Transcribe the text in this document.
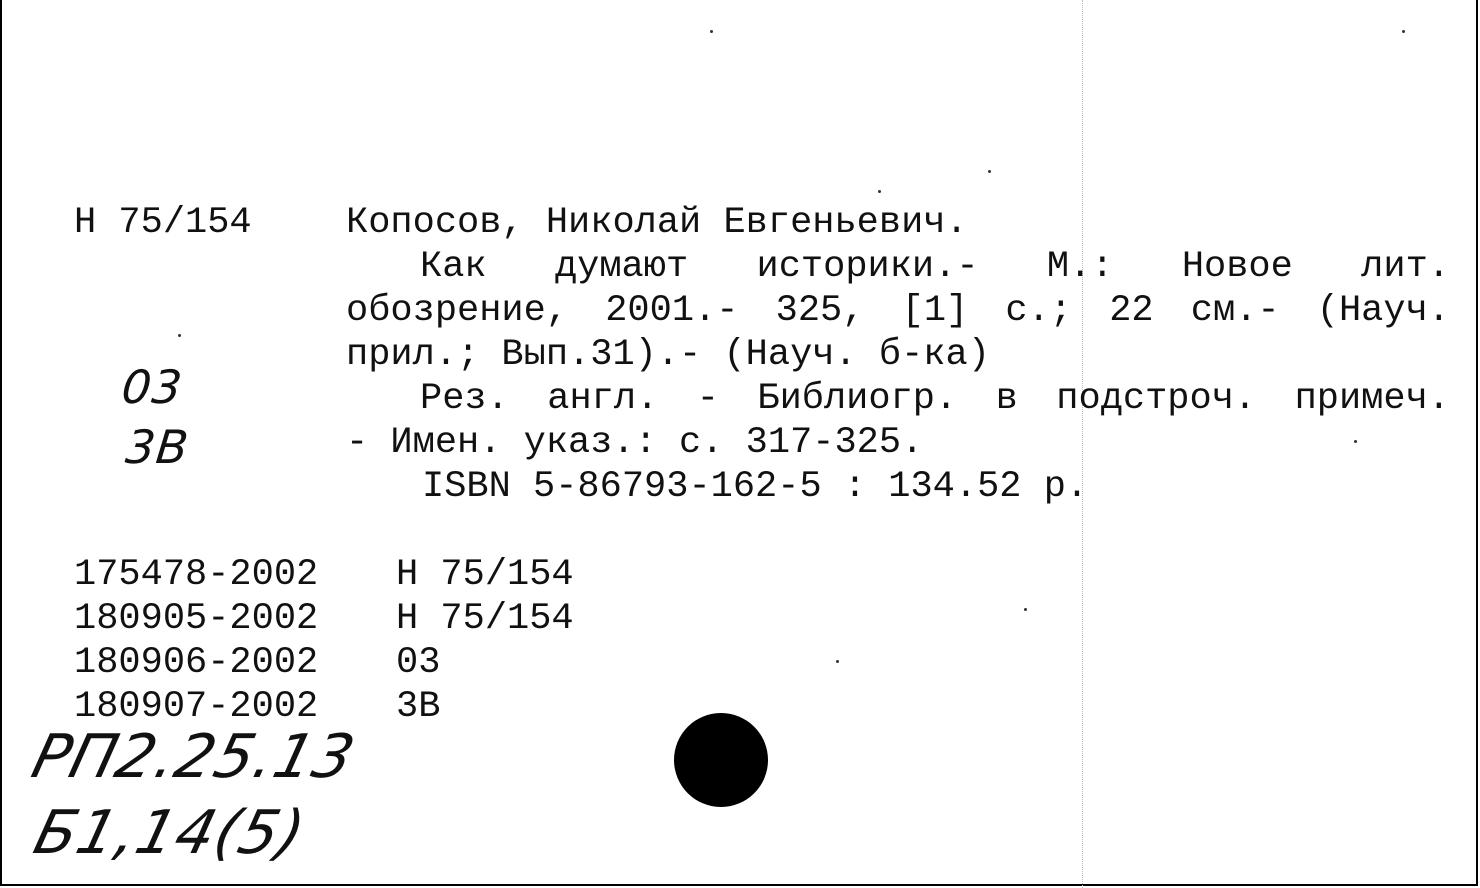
Н 75/154	Копосов, Николай Евгеньевич.
Как думают историки.- М.: Новое лит.
обозрение, 2001.- 325, [1] с.; 22 см.- (Науч.
прил.; Вып.31).- (Науч. б-ка)
Рез. англ. - Библиогр. в подстроч. примеч.
- Имен. указ.: с. 317-325.
ISBN 5-86793-162-5 : 134.52 р.
03
3В
175478-2002	Н 75/154
180905-2002	Н 75/154
180906-2002	03
180907-2002	3В
РП2.25.13
Б1,14(5)
